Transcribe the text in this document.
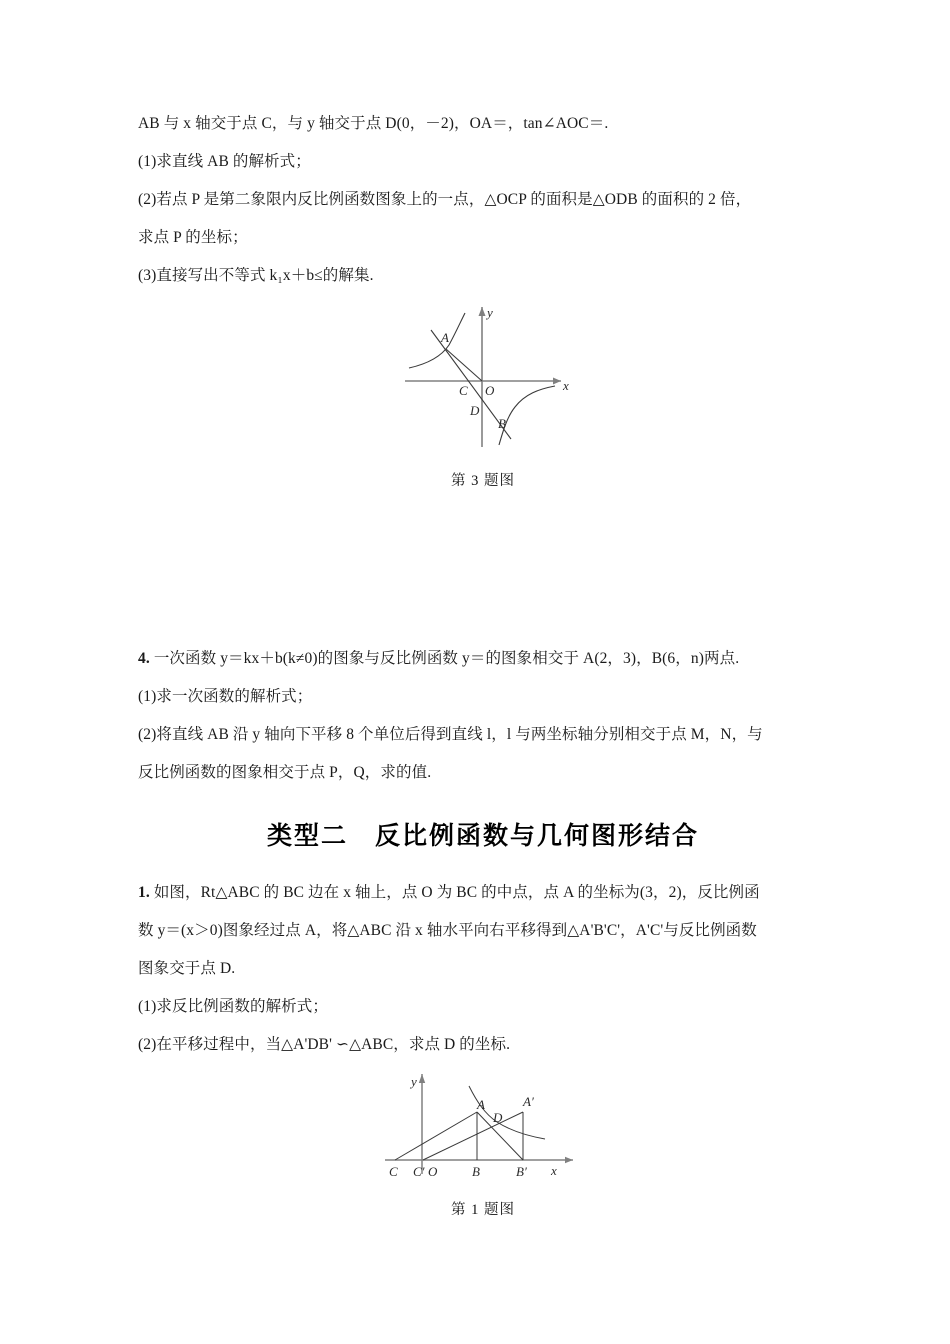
AB 与 x 轴交于点 C，与 y 轴交于点 D(0，－2)，OA＝，tan∠AOC＝.

(1)求直线 AB 的解析式；

(2)若点 P 是第二象限内反比例函数图象上的一点，△OCP 的面积是△ODB 的面积的 2 倍，

求点 P 的坐标；

(3)直接写出不等式 k₁x＋b≤的解集.

A
B
C
D
O	x
y
第 3 题图

4. 一次函数 y＝kx＋b(k≠0)的图象与反比例函数 y＝的图象相交于 A(2，3)，B(6，n)两点.

(1)求一次函数的解析式；

(2)将直线 AB 沿 y 轴向下平移 8 个单位后得到直线 l，l 与两坐标轴分别相交于点 M，N，与

反比例函数的图象相交于点 P，Q，求的值.

类型二　反比例函数与几何图形结合

1. 如图，Rt△ABC 的 BC 边在 x 轴上，点 O 为 BC 的中点，点 A 的坐标为(3，2)，反比例函

数 y＝(x＞0)图象经过点 A，将△ABC 沿 x 轴水平向右平移得到△A'B'C'，A'C'与反比例函数

图象交于点 D.

(1)求反比例函数的解析式；

(2)在平移过程中，当△A'DB' ∽△ABC，求点 D 的坐标.

A	A′
D
C C′ O	B	B′ x
y
第 1 题图
